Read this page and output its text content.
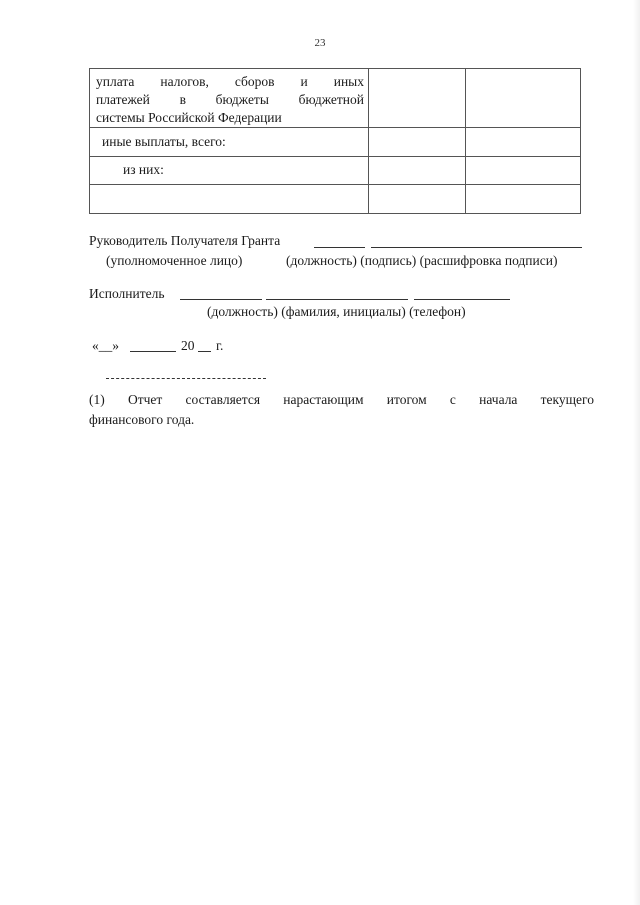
23
уплата налогов, сборов и иных
платежей в бюджеты бюджетной
системы Российской Федерации		

иные выплаты, всего:		

из них:		

Руководитель Получателя Гранта
(уполномоченное лицо)	(должность) (подпись) (расшифровка подписи)
Исполнитель
(должность) (фамилия, инициалы) (телефон)
«__»	20 г.
(1) Отчет составляется нарастающим итогом с начала текущего
финансового года.
